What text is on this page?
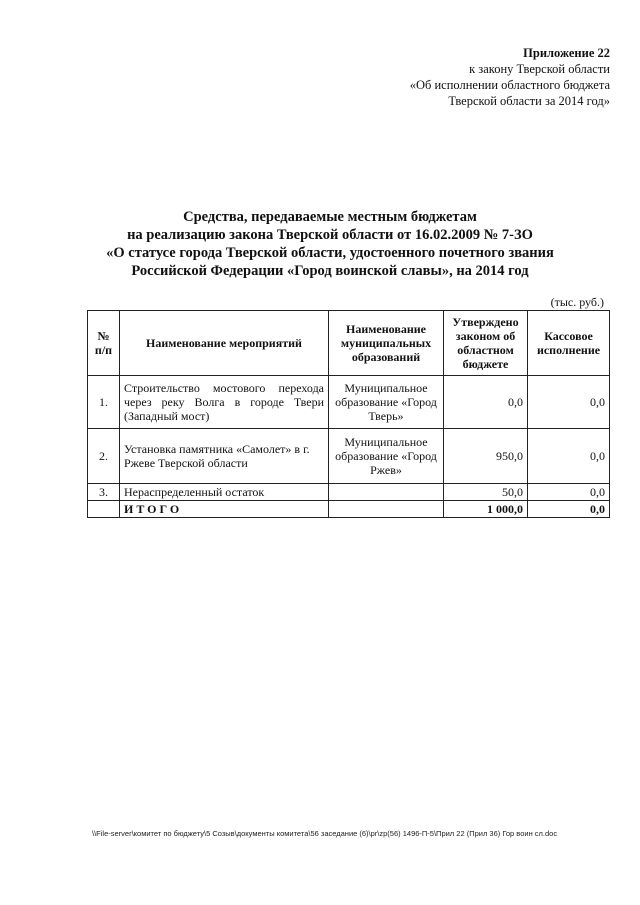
Приложение 22
к закону Тверской области
«Об исполнении областного бюджета
Тверской области за 2014 год»
Средства, передаваемые местным бюджетам
на реализацию закона Тверской области от 16.02.2009 № 7-ЗО
«О статусе города Тверской области, удостоенного почетного звания
Российской Федерации «Город воинской славы», на 2014 год
(тыс. руб.)
№ п/п	Наименование мероприятий	Наименование муниципальных образований	Утверждено законом об областном бюджете	Кассовое исполнение
1.	Строительство мостового перехода через реку Волга в городе Твери (Западный мост)	Муниципальное образование «Город Тверь»	0,0	0,0
2.	Установка памятника «Самолет» в г. Ржеве Тверской области	Муниципальное образование «Город Ржев»	950,0	0,0
3.	Нераспределенный остаток		50,0	0,0
	ИТОГО		1 000,0	0,0
\\File-server\комитет по бюджету\5 Созыв\документы комитета\56 заседание (6)\pr\zp(56) 1496-П-5\Прил 22 (Прил 36) Гор воин сл.doc
